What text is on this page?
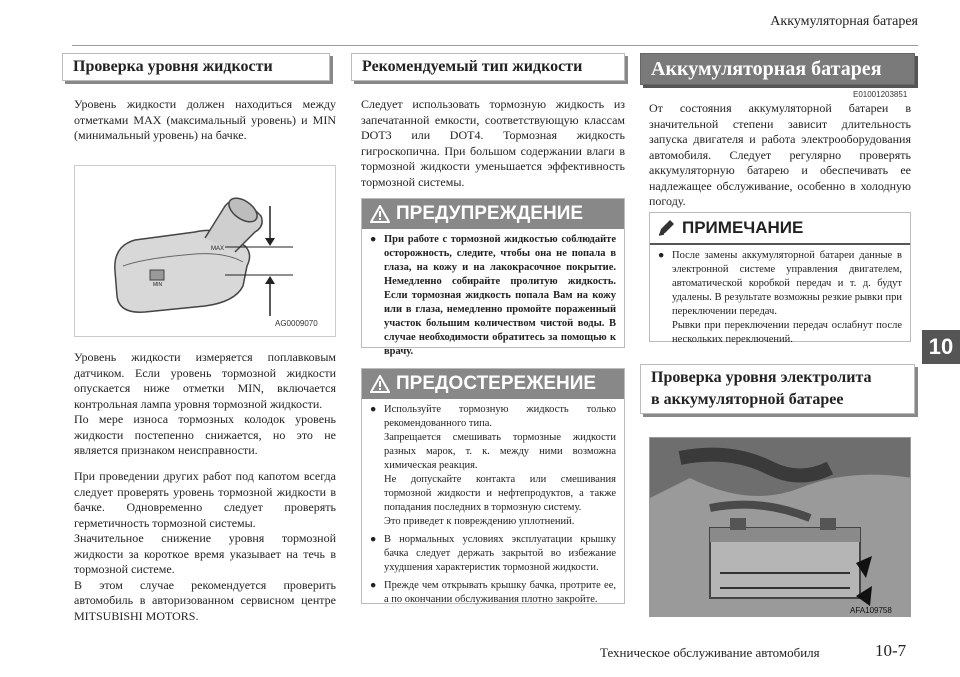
Аккумуляторная батарея
Проверка уровня жидкости

Уровень жидкости должен находиться между отметками MAX (максимальный уровень) и MIN (минимальный уровень) на бачке.

MAX
MIN
AG0009070

Уровень жидкости измеряется поплавковым датчиком. Если уровень тормозной жидкости опускается ниже отметки MIN, включается контрольная лампа уровня тормозной жидкости.

По мере износа тормозных колодок уровень жидкости постепенно снижается, но это не является признаком неисправности.

При проведении других работ под капотом всегда следует проверять уровень тормозной жидкости в бачке. Одновременно следует проверять герметичность тормозной системы.

Значительное снижение уровня тормозной жидкости за короткое время указывает на течь в тормозной системе.

В этом случае рекомендуется проверить автомобиль в авторизованном сервисном центре MITSUBISHI MOTORS.

Рекомендуемый тип жидкости

Следует использовать тормозную жидкость из запечатанной емкости, соответствующую классам DOT3 или DOT4. Тормозная жидкость гигроскопична. При большом содержании влаги в тормозной жидкости уменьшается эффективность тормозной системы.

ПРЕДУПРЕЖДЕНИЕ
● При работе с тормозной жидкостью соблюдайте осторожность, следите, чтобы она не попала в глаза, на кожу и на лакокрасочное покрытие. Немедленно собирайте пролитую жидкость. Если тормозная жидкость попала Вам на кожу или в глаза, немедленно промойте пораженный участок большим количеством чистой воды. В случае необходимости обратитесь за помощью к врачу.

ПРЕДОСТЕРЕЖЕНИЕ
● Используйте тормозную жидкость только рекомендованного типа.

Запрещается смешивать тормозные жидкости разных марок, т. к. между ними возможна химическая реакция.

Не допускайте контакта или смешивания тормозной жидкости и нефтепродуктов, а также попадания последних в тормозную систему.

Это приведет к повреждению уплотнений.

● В нормальных условиях эксплуатации крышку бачка следует держать закрытой во избежание ухудшения характеристик тормозной жидкости.

● Прежде чем открывать крышку бачка, протрите ее, а по окончании обслуживания плотно закройте.

Аккумуляторная батарея
E01001203851

От состояния аккумуляторной батареи в значительной степени зависит длительность запуска двигателя и работа электрооборудования автомобиля. Следует регулярно проверять аккумуляторную батарею и обеспечивать ее надлежащее обслуживание, особенно в холодную погоду.

ПРИМЕЧАНИЕ
● После замены аккумуляторной батареи данные в электронной системе управления двигателем, автоматической коробкой передач и т. д. будут удалены. В результате возможны резкие рывки при переключении передач.

Рывки при переключении передач ослабнут после нескольких переключений.

Проверка уровня электролита
в аккумуляторной батарее
AFA109758
10
Техническое обслуживание автомобиля	10-7
